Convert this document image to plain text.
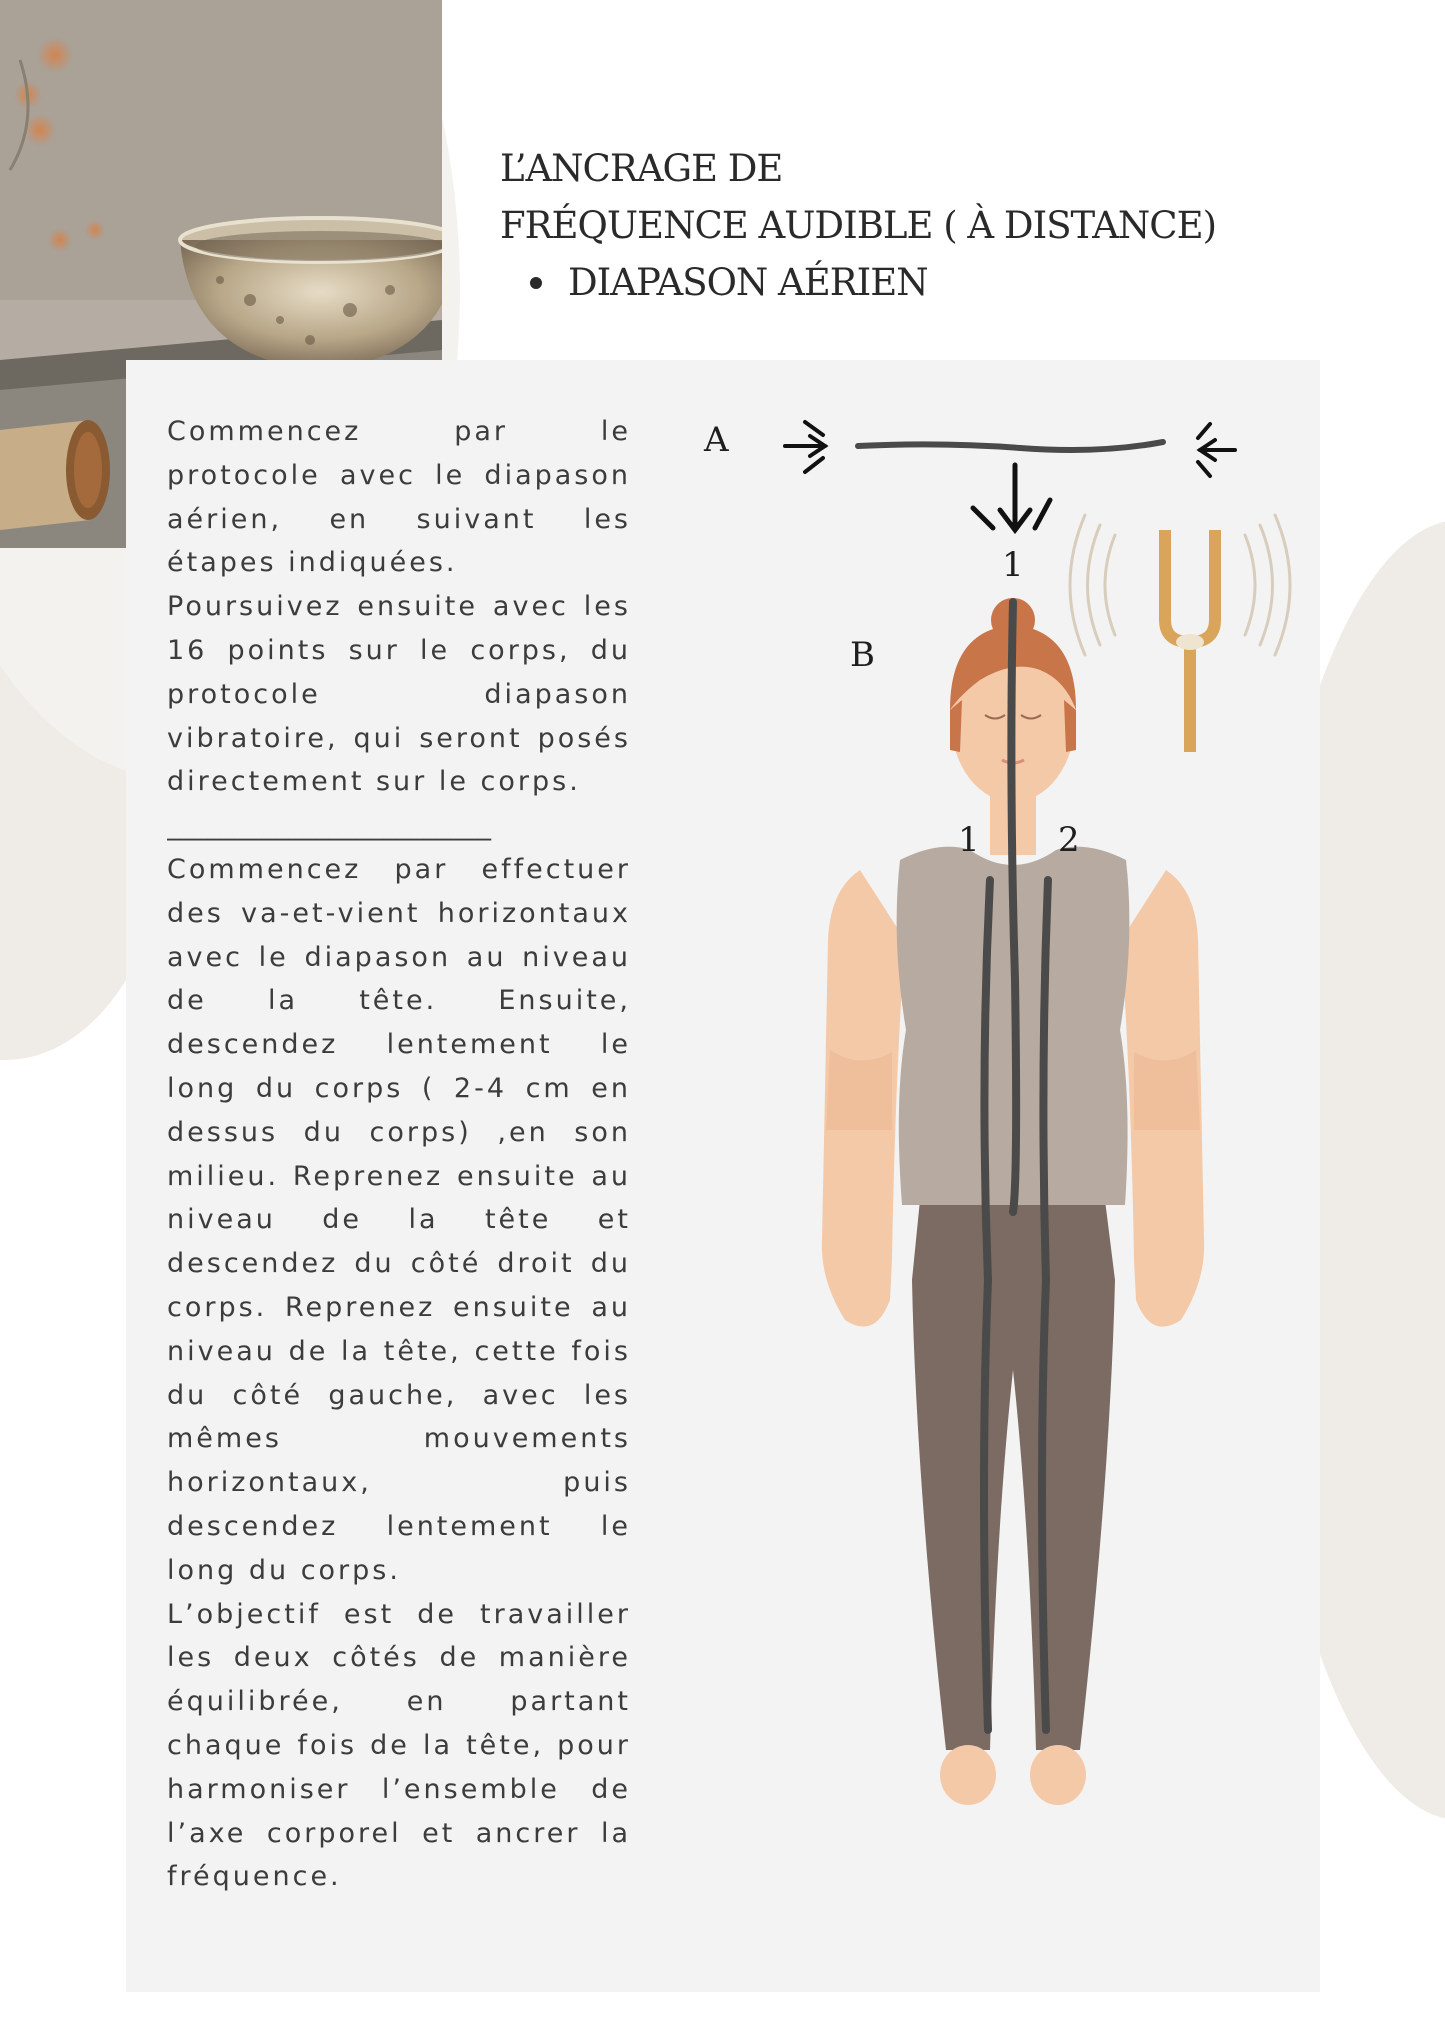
L’ANCRAGE DE
FRÉQUENCE AUDIBLE ( À DISTANCE)
DIAPASON AÉRIEN

Commencez par le protocole avec le diapason aérien, en suivant les étapes indiquées.

Poursuivez ensuite avec les 16 points sur le corps, du protocole diapason vibratoire, qui seront posés directement sur le corps.

________________________

Commencez par effectuer des va-et-vient horizontaux avec le diapason au niveau de la tête. Ensuite, descendez lentement le long du corps ( 2-4 cm en dessus du corps) ,en son milieu. Reprenez ensuite au niveau de la tête et descendez du côté droit du corps. Reprenez ensuite au niveau de la tête, cette fois du côté gauche, avec les mêmes mouvements horizontaux, puis descendez lentement le long du corps.

L’objectif est de travailler les deux côtés de manière équilibrée, en partant chaque fois de la tête, pour harmoniser l’ensemble de l’axe corporel et ancrer la fréquence.

A
B
1
1 2
